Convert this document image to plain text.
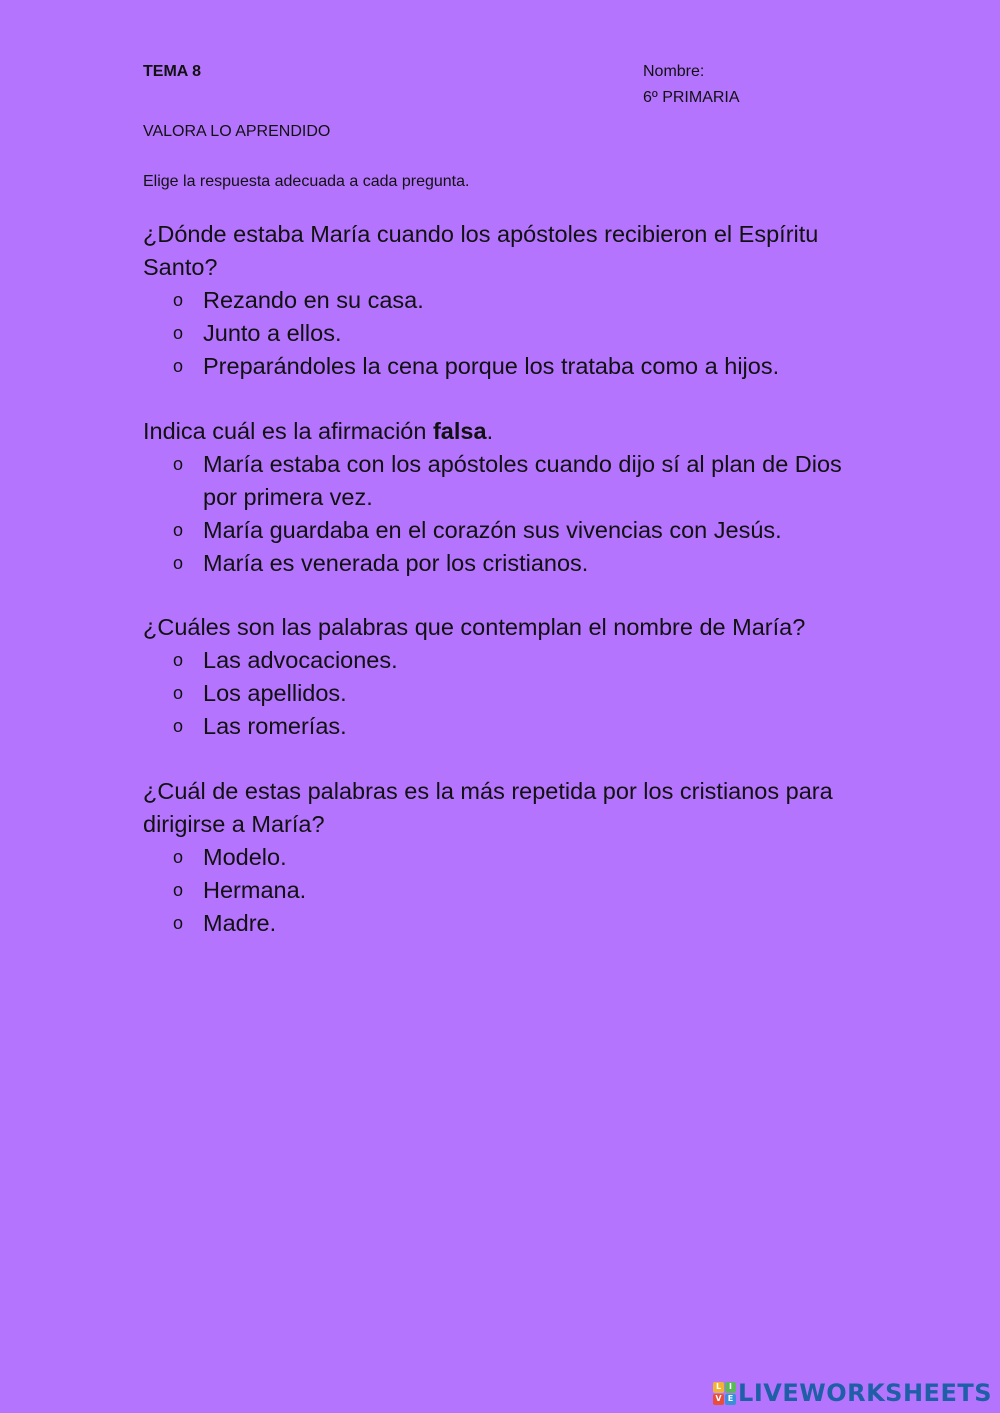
TEMA 8	Nombre:
6º PRIMARIA
VALORA LO APRENDIDO
Elige la respuesta adecuada a cada pregunta.

¿Dónde estaba María cuando los apóstoles recibieron el Espíritu Santo?

o Rezando en su casa.
o Junto a ellos.
o Preparándoles la cena porque los trataba como a hijos.

Indica cuál es la afirmación falsa.

o María estaba con los apóstoles cuando dijo sí al plan de Dios por primera vez.
o María guardaba en el corazón sus vivencias con Jesús.
o María es venerada por los cristianos.

¿Cuáles son las palabras que contemplan el nombre de María?

o Las advocaciones.
o Los apellidos.
o Las romerías.

¿Cuál de estas palabras es la más repetida por los cristianos para dirigirse a María?

o Modelo.
o Hermana.
o Madre.
L I
V E LIVEWORKSHEETS
